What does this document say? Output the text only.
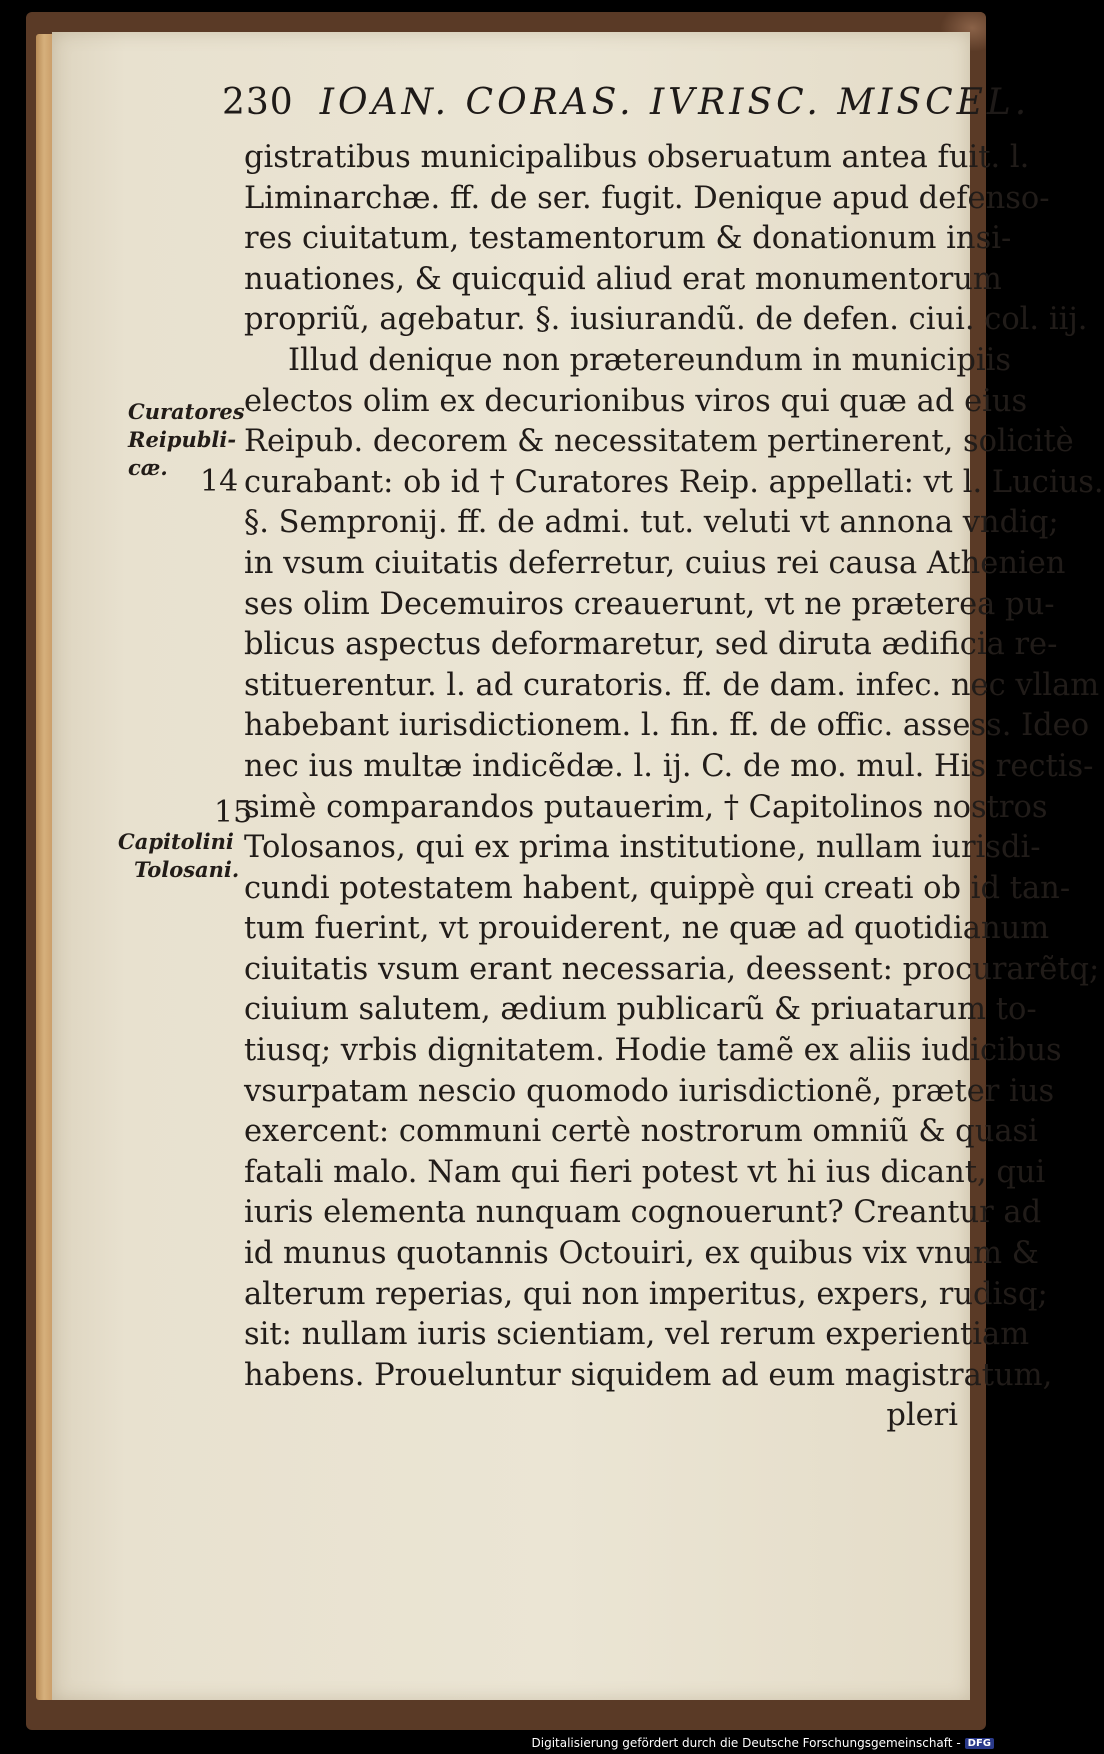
230 IOAN. CORAS. IVRISC. MISCEL.
gistratibus municipalibus obseruatum antea fuit. l.
Liminarchæ. ff. de ser. fugit. Denique apud defenso-
res ciuitatum, testamentorum & donationum insi-
nuationes, & quicquid aliud erat monumentorum
propriũ, agebatur. §. iusiurandũ. de defen. ciui. col. iij.
Illud denique non prætereundum in municipiis
electos olim ex decurionibus viros qui quæ ad eius
Reipub. decorem & necessitatem pertinerent, solicitè
curabant: ob id † Curatores Reip. appellati: vt l. Lucius.
§. Sempronij. ff. de admi. tut. veluti vt annona vndiq;
in vsum ciuitatis deferretur, cuius rei causa Athenien
ses olim Decemuiros creauerunt, vt ne præterea pu-
blicus aspectus deformaretur, sed diruta ædificia re-
stituerentur. l. ad curatoris. ff. de dam. infec. nec vllam
habebant iurisdictionem. l. fin. ff. de offic. assess. Ideo
nec ius multæ indicẽdæ. l. ij. C. de mo. mul. His rectis-
simè comparandos putauerim, † Capitolinos nostros
Tolosanos, qui ex prima institutione, nullam iurisdi-
cundi potestatem habent, quippè qui creati ob id tan-
tum fuerint, vt prouiderent, ne quæ ad quotidianum
ciuitatis vsum erant necessaria, deessent: procurarẽtq;
ciuium salutem, ædium publicarũ & priuatarum to-
tiusq; vrbis dignitatem. Hodie tamẽ ex aliis iudicibus
vsurpatam nescio quomodo iurisdictionẽ, præter ius
exercent: communi certè nostrorum omniũ & quasi
fatali malo. Nam qui fieri potest vt hi ius dicant, qui
iuris elementa nunquam cognouerunt? Creantur ad
id munus quotannis Octouiri, ex quibus vix vnum &
alterum reperias, qui non imperitus, expers, rudisq;
sit: nullam iuris scientiam, vel rerum experientiam
habens. Proueluntur siquidem ad eum magistratum,
pleri
Curatores
Reipubli-
cæ.	14
15
Capitolini
Tolosani.
Digitalisierung gefördert durch die Deutsche Forschungsgemeinschaft - DFG
